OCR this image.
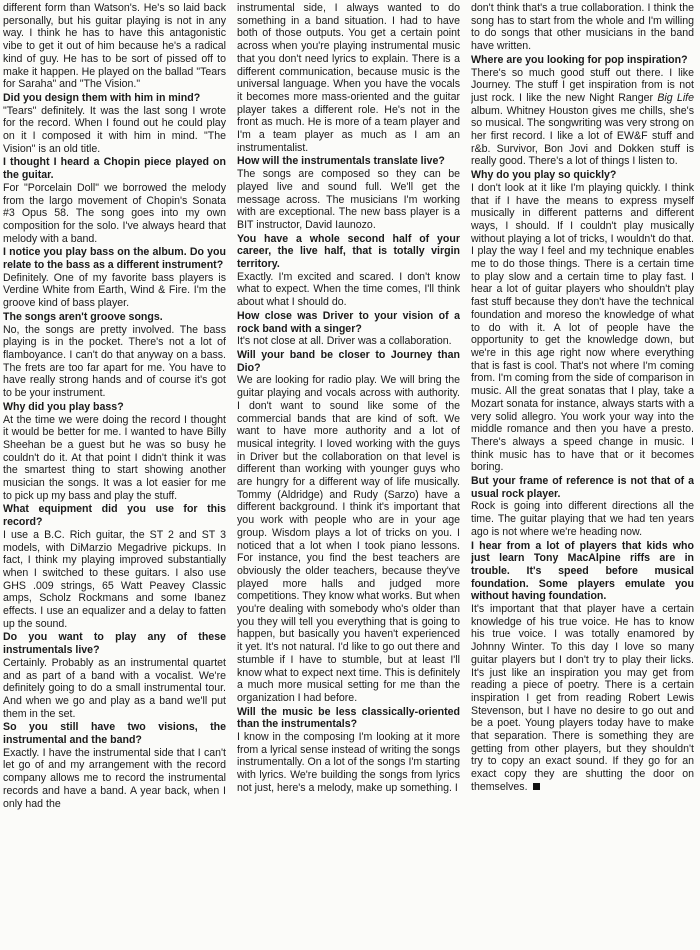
different form than Watson's. He's so laid back personally, but his guitar playing is not in any way. I think he has to have this antagonistic vibe to get it out of him because he's a radical kind of guy. He has to be sort of pissed off to make it happen. He played on the ballad "Tears for Saraha" and "The Vision."

Did you design them with him in mind?

"Tears" definitely. It was the last song I wrote for the record. When I found out he could play on it I composed it with him in mind. "The Vision" is an old title.

I thought I heard a Chopin piece played on the guitar.

For "Porcelain Doll" we borrowed the melody from the largo movement of Chopin's Sonata #3 Opus 58. The song goes into my own composition for the solo. I've always heard that melody with a band.

I notice you play bass on the album. Do you relate to the bass as a different instrument?

Definitely. One of my favorite bass players is Verdine White from Earth, Wind & Fire. I'm the groove kind of bass player.

The songs aren't groove songs.

No, the songs are pretty involved. The bass playing is in the pocket. There's not a lot of flamboyance. I can't do that anyway on a bass. The frets are too far apart for me. You have to have really strong hands and of course it's got to be your instrument.

Why did you play bass?

At the time we were doing the record I thought it would be better for me. I wanted to have Billy Sheehan be a guest but he was so busy he couldn't do it. At that point I didn't think it was the smartest thing to start showing another musician the songs. It was a lot easier for me to pick up my bass and play the stuff.

What equipment did you use for this record?

I use a B.C. Rich guitar, the ST 2 and ST 3 models, with DiMarzio Megadrive pickups. In fact, I think my playing improved substantially when I switched to these guitars. I also use GHS .009 strings, 65 Watt Peavey Classic amps, Scholz Rockmans and some Ibanez effects. I use an equalizer and a delay to fatten up the sound.

Do you want to play any of these instrumentals live?

Certainly. Probably as an instrumental quartet and as part of a band with a vocalist. We're definitely going to do a small instrumental tour. And when we go and play as a band we'll put them in the set.

So you still have two visions, the instrumental and the band?

Exactly. I have the instrumental side that I can't let go of and my arrangement with the record company allows me to record the instrumental records and have a band. A year back, when I only had the

instrumental side, I always wanted to do something in a band situation. I had to have both of those outputs. You get a certain point across when you're playing instrumental music that you don't need lyrics to explain. There is a different communication, because music is the universal language. When you have the vocals it becomes more mass-oriented and the guitar player takes a different role. He's not in the front as much. He is more of a team player and I'm a team player as much as I am an instrumentalist.

How will the instrumentals translate live?

The songs are composed so they can be played live and sound full. We'll get the message across. The musicians I'm working with are exceptional. The new bass player is a BIT instructor, David Iaunozo.

You have a whole second half of your career, the live half, that is totally virgin territory.

Exactly. I'm excited and scared. I don't know what to expect. When the time comes, I'll think about what I should do.

How close was Driver to your vision of a rock band with a singer?

It's not close at all. Driver was a collaboration.

Will your band be closer to Journey than Dio?

We are looking for radio play. We will bring the guitar playing and vocals across with authority. I don't want to sound like some of the commercial bands that are kind of soft. We want to have more authority and a lot of musical integrity. I loved working with the guys in Driver but the collaboration on that level is different than working with younger guys who are hungry for a different way of life musically. Tommy (Aldridge) and Rudy (Sarzo) have a different background. I think it's important that you work with people who are in your age group. Wisdom plays a lot of tricks on you. I noticed that a lot when I took piano lessons. For instance, you find the best teachers are obviously the older teachers, because they've played more halls and judged more competitions. They know what works. But when you're dealing with somebody who's older than you they will tell you everything that is going to happen, but basically you haven't experienced it yet. It's not natural. I'd like to go out there and stumble if I have to stumble, but at least I'll know what to expect next time. This is definitely a much more musical setting for me than the organization I had before.

Will the music be less classically-oriented than the instrumentals?

I know in the composing I'm looking at it more from a lyrical sense instead of writing the songs instrumentally. On a lot of the songs I'm starting with lyrics. We're building the songs from lyrics not just, here's a melody, make up something. I

don't think that's a true collaboration. I think the song has to start from the whole and I'm willing to do songs that other musicians in the band have written.

Where are you looking for pop inspiration?

There's so much good stuff out there. I like Journey. The stuff I get inspiration from is not just rock. I like the new Night Ranger Big Life album. Whitney Houston gives me chills, she's so musical. The songwriting was very strong on her first record. I like a lot of EW&F stuff and r&b. Survivor, Bon Jovi and Dokken stuff is really good. There's a lot of things I listen to.

Why do you play so quickly?

I don't look at it like I'm playing quickly. I think that if I have the means to express myself musically in different patterns and different ways, I should. If I couldn't play musically without playing a lot of tricks, I wouldn't do that. I play the way I feel and my technique enables me to do those things. There is a certain time to play slow and a certain time to play fast. I hear a lot of guitar players who shouldn't play fast stuff because they don't have the technical foundation and moreso the knowledge of what to do with it. A lot of people have the opportunity to get the knowledge down, but we're in this age right now where everything that is fast is cool. That's not where I'm coming from. I'm coming from the side of comparison in music. All the great sonatas that I play, take a Mozart sonata for instance, always starts with a very solid allegro. You work your way into the middle romance and then you have a presto. There's always a speed change in music. I think music has to have that or it becomes boring.

But your frame of reference is not that of a usual rock player.

Rock is going into different directions all the time. The guitar playing that we had ten years ago is not where we're heading now.

I hear from a lot of players that kids who just learn Tony MacAlpine riffs are in trouble. It's speed before musical foundation. Some players emulate you without having foundation.

It's important that that player have a certain knowledge of his true voice. He has to know his true voice. I was totally enamored by Johnny Winter. To this day I love so many guitar players but I don't try to play their licks. It's just like an inspiration you may get from reading a piece of poetry. There is a certain inspiration I get from reading Robert Lewis Stevenson, but I have no desire to go out and be a poet. Young players today have to make that separation. There is something they are getting from other players, but they shouldn't try to copy an exact sound. If they go for an exact copy they are shutting the door on themselves.
